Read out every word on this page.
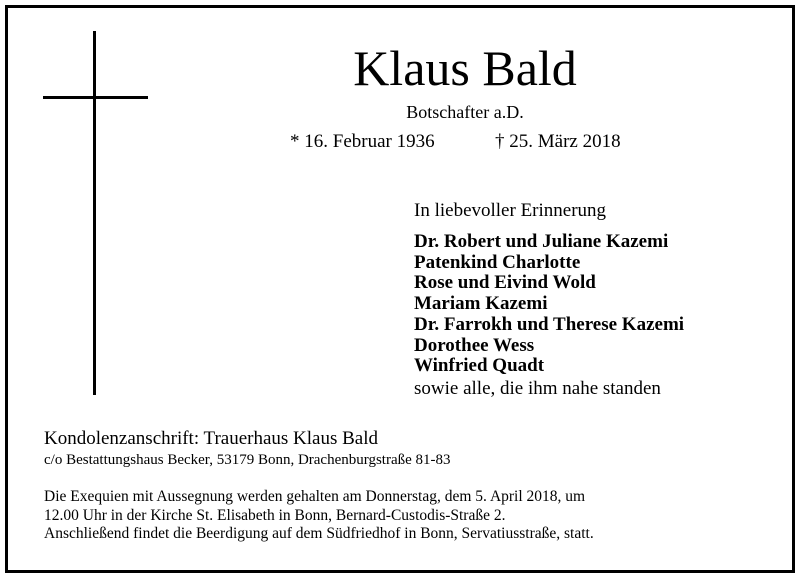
Klaus Bald
Botschafter a.D.
* 16. Februar 1936	† 25. März 2018
In liebevoller Erinnerung
Dr. Robert und Juliane Kazemi
Patenkind Charlotte
Rose und Eivind Wold
Mariam Kazemi
Dr. Farrokh und Therese Kazemi
Dorothee Wess
Winfried Quadt
sowie alle, die ihm nahe standen
Kondolenzanschrift: Trauerhaus Klaus Bald
c/o Bestattungshaus Becker, 53179 Bonn, Drachenburgstraße 81-83
Die Exequien mit Aussegnung werden gehalten am Donnerstag, dem 5. April 2018, um
12.00 Uhr in der Kirche St. Elisabeth in Bonn, Bernard-Custodis-Straße 2.
Anschließend findet die Beerdigung auf dem Südfriedhof in Bonn, Servatiusstraße, statt.
